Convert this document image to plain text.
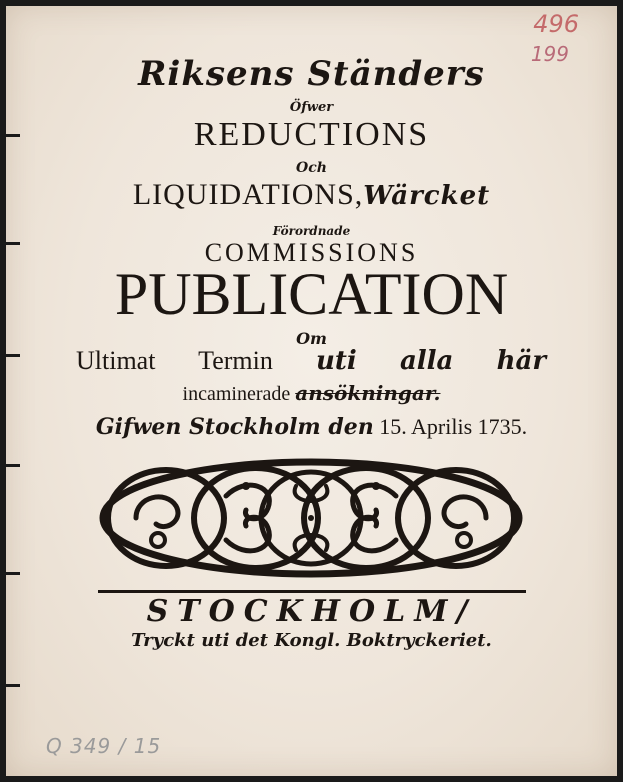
496
199
Riksens Ständers
Öfwer
REDUCTIONS
Och
LIQUIDATIONS,Wärcket
Förordnade
COMMISSIONS
PUBLICATION
Om
Ultimat Termin uti alla här
incaminerade ansökningar.
Gifwen Stockholm den 15. Aprilis 1735.
STOCKHOLM/
Tryckt uti det Kongl. Boktryckeriet.
Q 349 / 15
